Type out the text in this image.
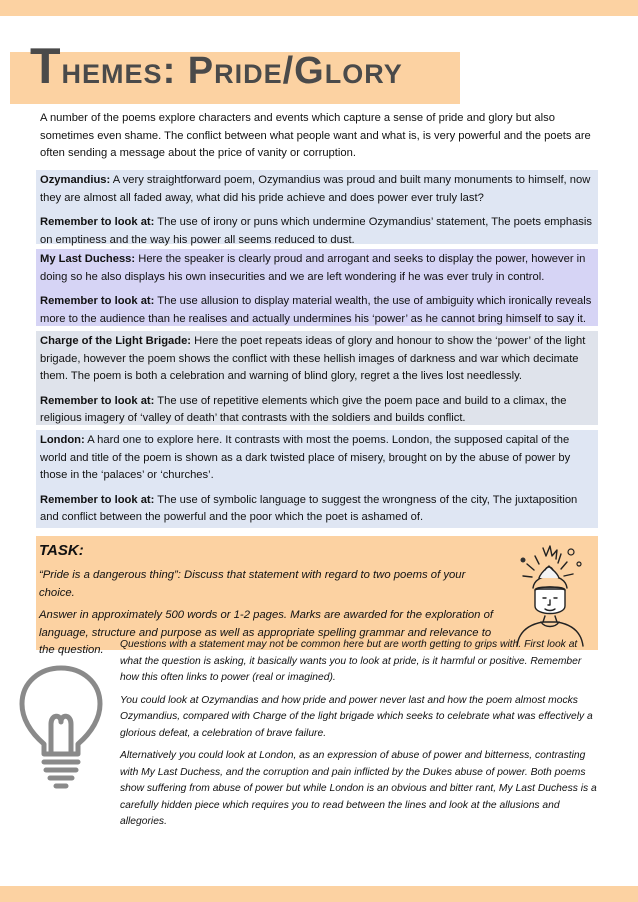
Themes: Pride/Glory

A number of the poems explore characters and events which capture a sense of pride and glory but also sometimes even shame. The conflict between what people want and what is, is very powerful and the poets are often sending a message about the price of vanity or corruption.

Ozymandius: A very straightforward poem, Ozymandius was proud and built many monuments to himself, now they are almost all faded away, what did his pride achieve and does power ever truly last?

Remember to look at: The use of irony or puns which undermine Ozymandius’ statement, The poets emphasis on emptiness and the way his power all seems reduced to dust.

My Last Duchess: Here the speaker is clearly proud and arrogant and seeks to display the power, however in doing so he also displays his own insecurities and we are left wondering if he was ever truly in control.

Remember to look at: The use allusion to display material wealth, the use of ambiguity which ironically reveals more to the audience than he realises and actually undermines his ‘power’ as he cannot bring himself to say it.

Charge of the Light Brigade: Here the poet repeats ideas of glory and honour to show the ‘power’ of the light brigade, however the poem shows the conflict with these hellish images of darkness and war which decimate them. The poem is both a celebration and warning of blind glory, regret a the lives lost needlessly.

Remember to look at: The use of repetitive elements which give the poem pace and build to a climax, the religious imagery of ‘valley of death’ that contrasts with the soldiers and builds conflict.

London: A hard one to explore here. It contrasts with most the poems. London, the supposed capital of the world and title of the poem is shown as a dark twisted place of misery, brought on by the abuse of power by those in the ‘palaces’ or ‘churches’.

Remember to look at: The use of symbolic language to suggest the wrongness of the city, The juxtaposition and conflict between the powerful and the poor which the poet is ashamed of.

TASK:

“Pride is a dangerous thing”: Discuss that statement with regard to two poems of your choice.

Answer in approximately 500 words or 1-2 pages. Marks are awarded for the exploration of language, structure and purpose as well as appropriate spelling grammar and relevance to the question.	Questions with a statement may not be common here but are worth getting to grips with. First look at what the question is asking, it basically wants you to look at pride, is it harmful or positive. Remember how this often links to power (real or imagined).

You could look at Ozymandias and how pride and power never last and how the poem almost mocks Ozymandius, compared with Charge of the light brigade which seeks to celebrate what was effectively a glorious defeat, a celebration of brave failure.

Alternatively you could look at London, as an expression of abuse of power and bitterness, contrasting with My Last Duchess, and the corruption and pain inflicted by the Dukes abuse of power. Both poems show suffering from abuse of power but while London is an obvious and bitter rant, My Last Duchess is a carefully hidden piece which requires you to read between the lines and look at the allusions and allegories.
